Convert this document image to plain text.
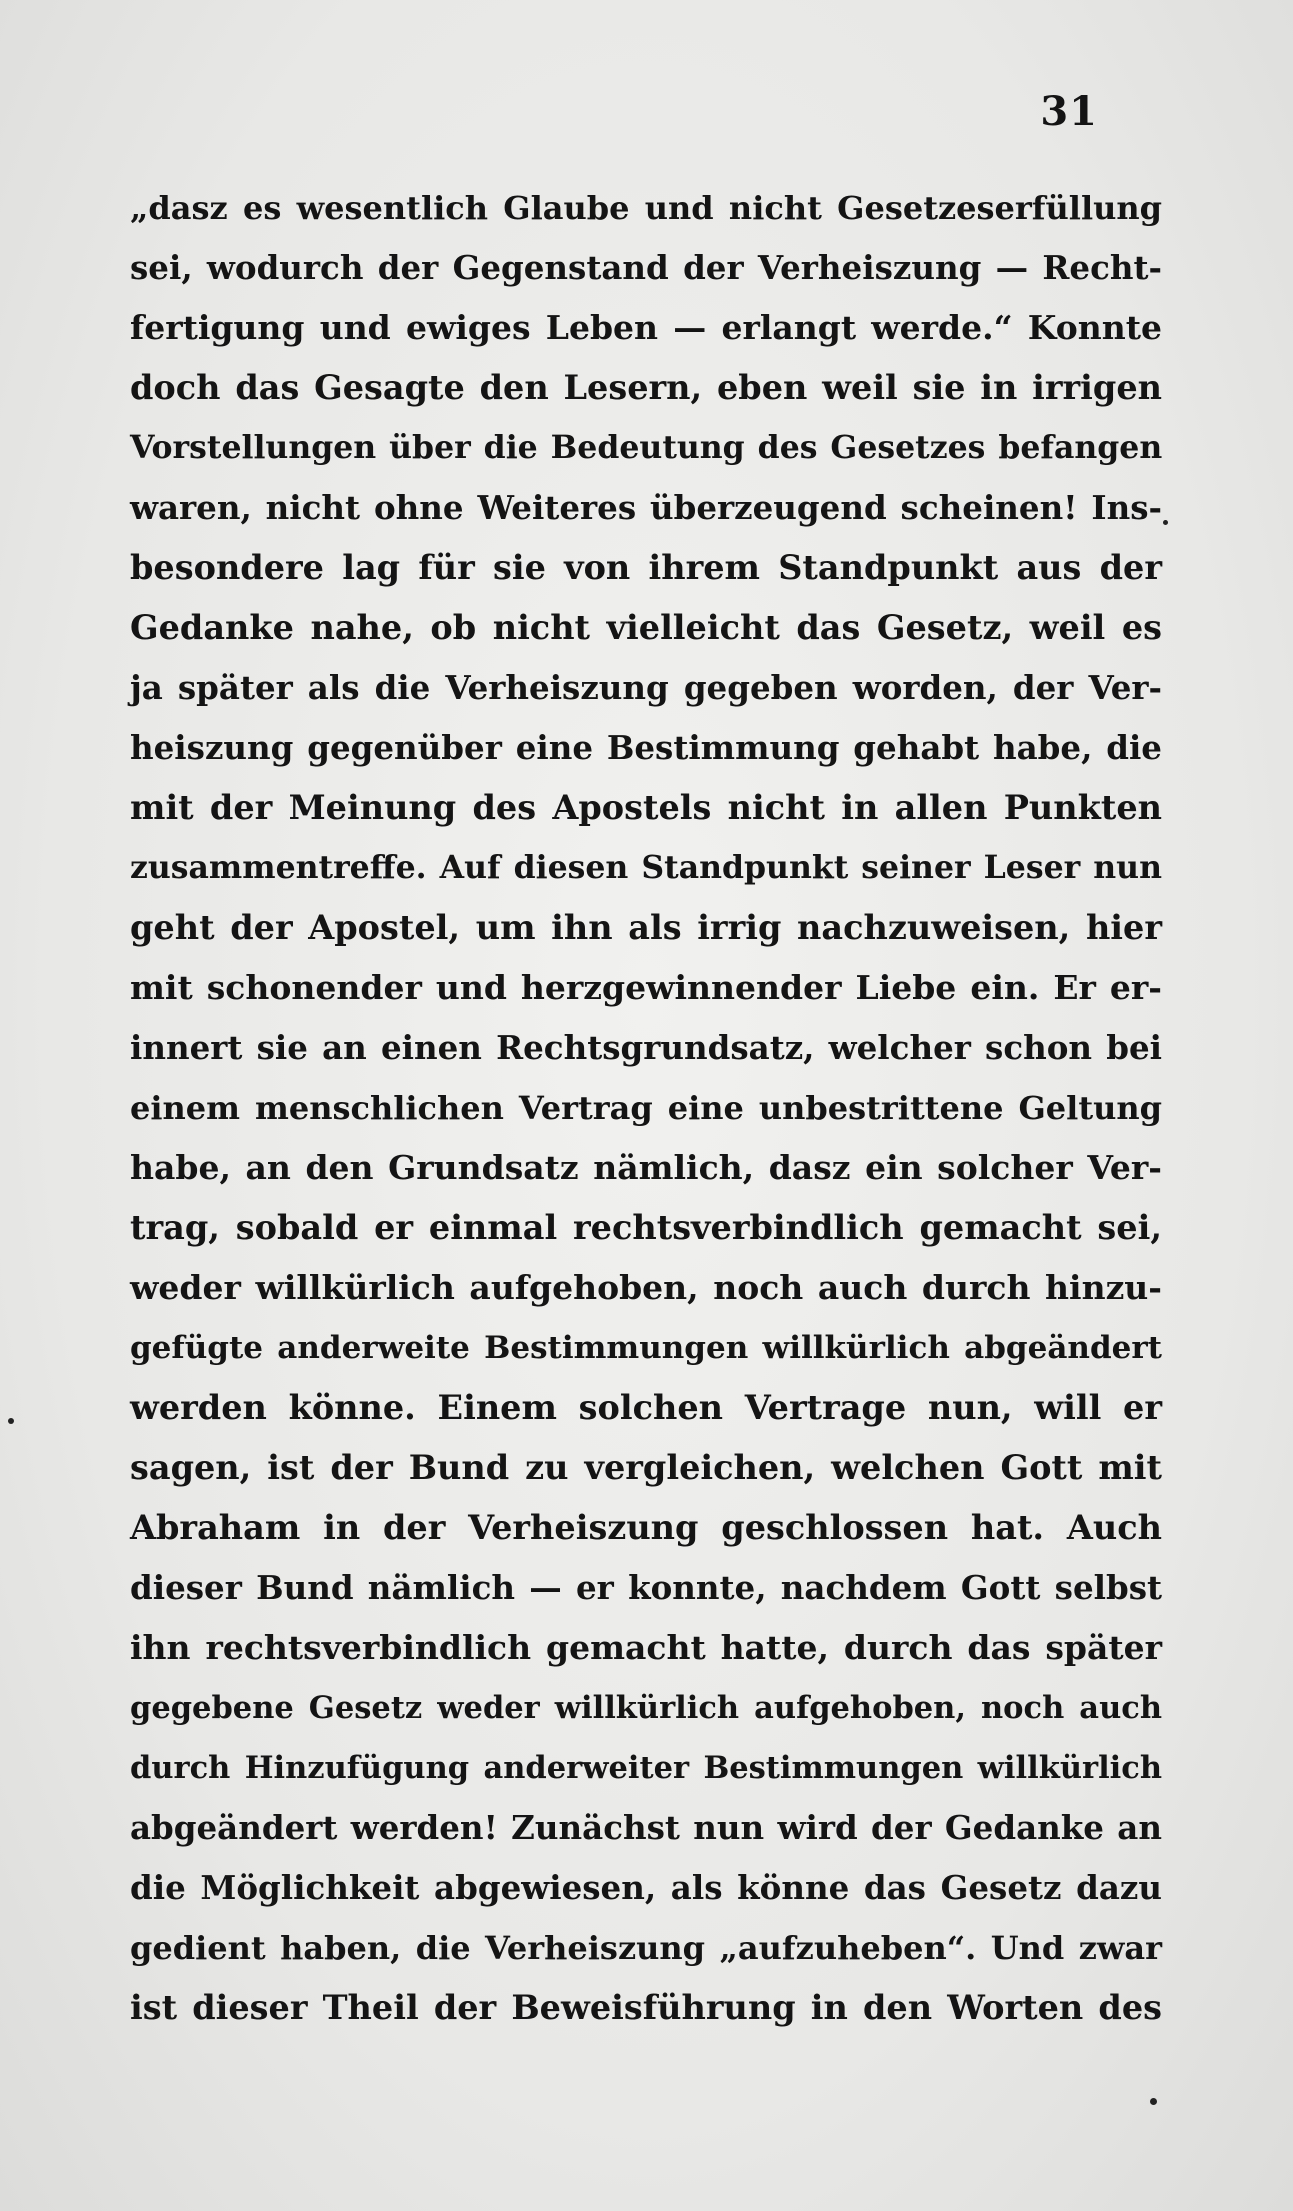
31
„dasz es wesentlich Glaube und nicht Gesetzeserfüllung
sei, wodurch der Gegenstand der Verheiszung — Recht-
fertigung und ewiges Leben — erlangt werde.“ Konnte
doch das Gesagte den Lesern, eben weil sie in irrigen
Vorstellungen über die Bedeutung des Gesetzes befangen
waren, nicht ohne Weiteres überzeugend scheinen! Ins-
besondere lag für sie von ihrem Standpunkt aus der
Gedanke nahe, ob nicht vielleicht das Gesetz, weil es
ja später als die Verheiszung gegeben worden, der Ver-
heiszung gegenüber eine Bestimmung gehabt habe, die
mit der Meinung des Apostels nicht in allen Punkten
zusammentreffe. Auf diesen Standpunkt seiner Leser nun
geht der Apostel, um ihn als irrig nachzuweisen, hier
mit schonender und herzgewinnender Liebe ein. Er er-
innert sie an einen Rechtsgrundsatz, welcher schon bei
einem menschlichen Vertrag eine unbestrittene Geltung
habe, an den Grundsatz nämlich, dasz ein solcher Ver-
trag, sobald er einmal rechtsverbindlich gemacht sei,
weder willkürlich aufgehoben, noch auch durch hinzu-
gefügte anderweite Bestimmungen willkürlich abgeändert
werden könne. Einem solchen Vertrage nun, will er
sagen, ist der Bund zu vergleichen, welchen Gott mit
Abraham in der Verheiszung geschlossen hat. Auch
dieser Bund nämlich — er konnte, nachdem Gott selbst
ihn rechtsverbindlich gemacht hatte, durch das später
gegebene Gesetz weder willkürlich aufgehoben, noch auch
durch Hinzufügung anderweiter Bestimmungen willkürlich
abgeändert werden! Zunächst nun wird der Gedanke an
die Möglichkeit abgewiesen, als könne das Gesetz dazu
gedient haben, die Verheiszung „aufzuheben“. Und zwar
ist dieser Theil der Beweisführung in den Worten des
